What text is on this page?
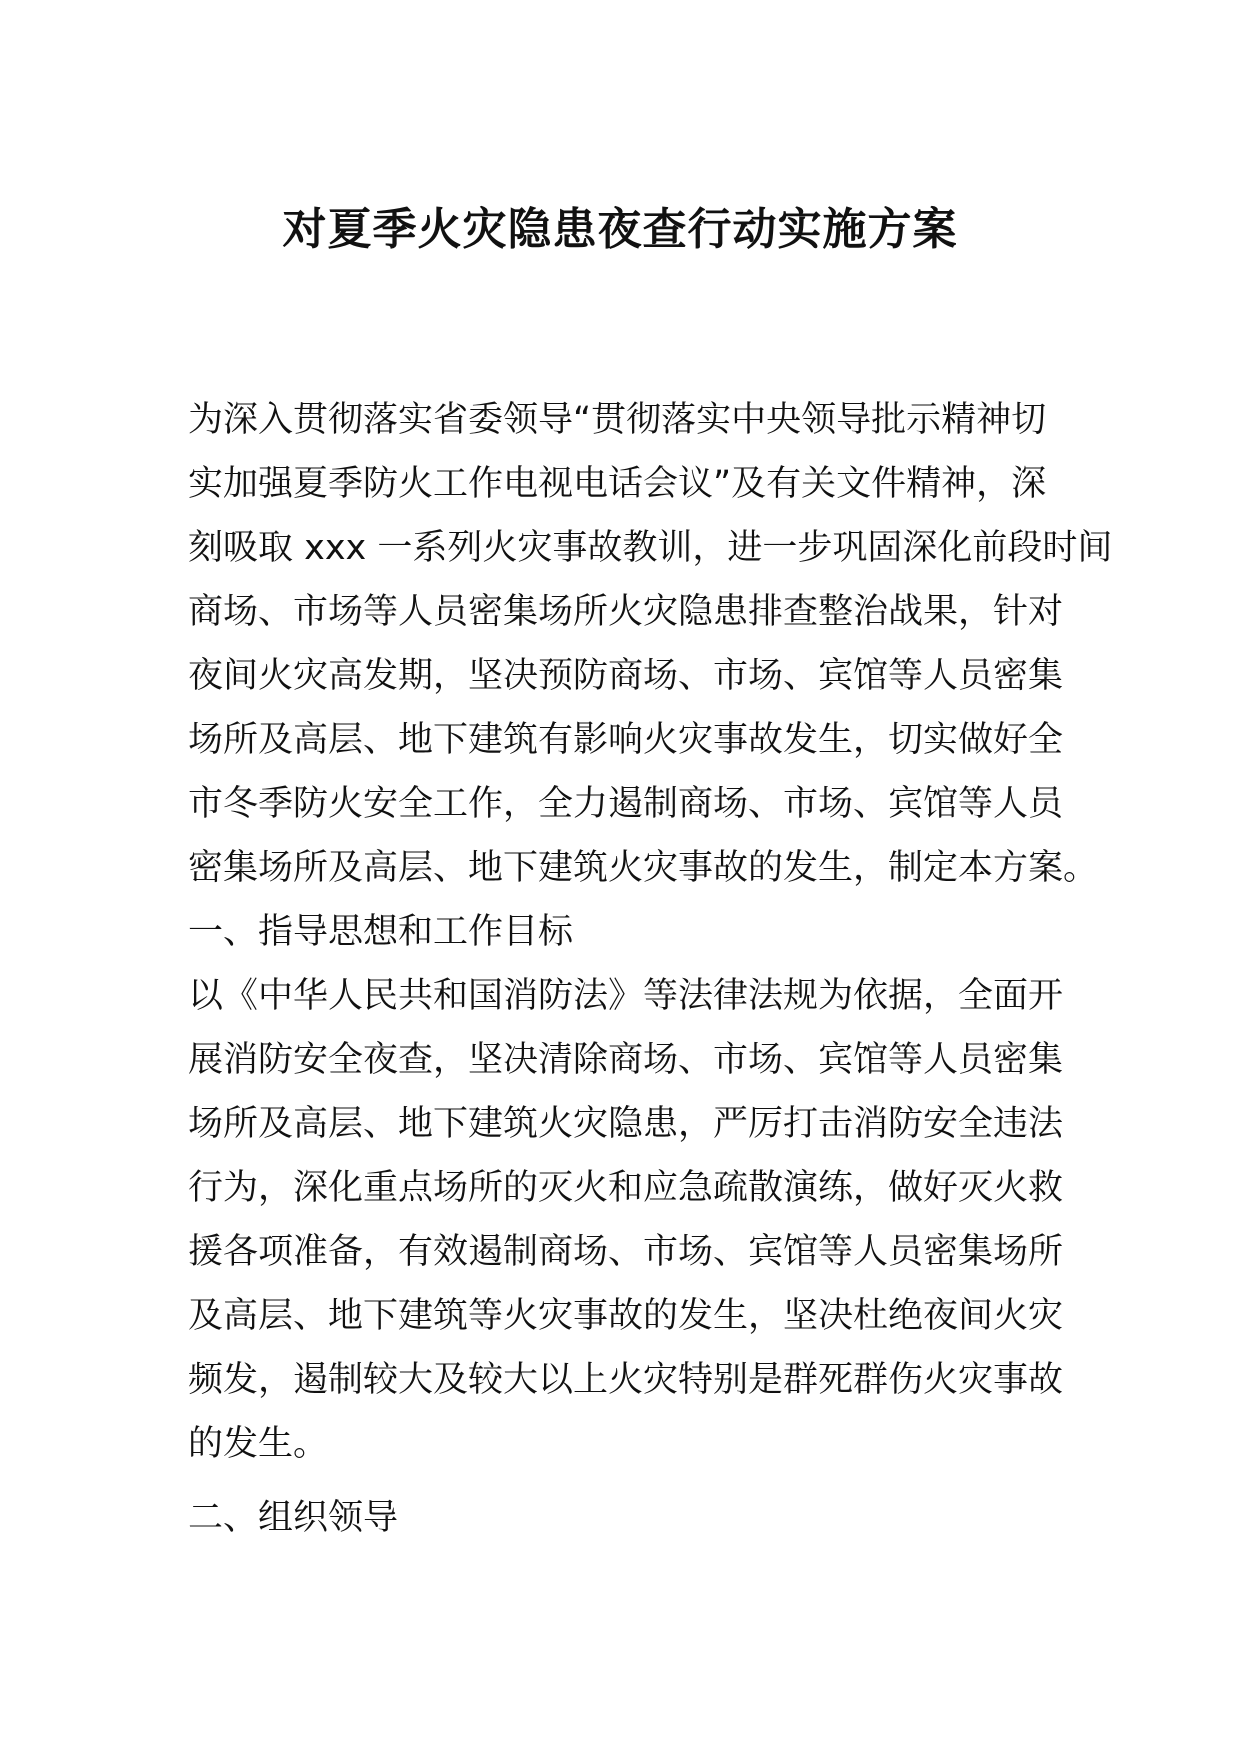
对夏季火灾隐患夜查行动实施方案
为深入贯彻落实省委领导“贯彻落实中央领导批示精神切
实加强夏季防火工作电视电话会议”及有关文件精神，深
刻吸取 xxx 一系列火灾事故教训，进一步巩固深化前段时间
商场、市场等人员密集场所火灾隐患排查整治战果，针对
夜间火灾高发期，坚决预防商场、市场、宾馆等人员密集
场所及高层、地下建筑有影响火灾事故发生，切实做好全
市冬季防火安全工作，全力遏制商场、市场、宾馆等人员
密集场所及高层、地下建筑火灾事故的发生，制定本方案。
一、指导思想和工作目标
以《中华人民共和国消防法》等法律法规为依据，全面开
展消防安全夜查，坚决清除商场、市场、宾馆等人员密集
场所及高层、地下建筑火灾隐患，严厉打击消防安全违法
行为，深化重点场所的灭火和应急疏散演练，做好灭火救
援各项准备，有效遏制商场、市场、宾馆等人员密集场所
及高层、地下建筑等火灾事故的发生，坚决杜绝夜间火灾
频发，遏制较大及较大以上火灾特别是群死群伤火灾事故
的发生。
二、组织领导
